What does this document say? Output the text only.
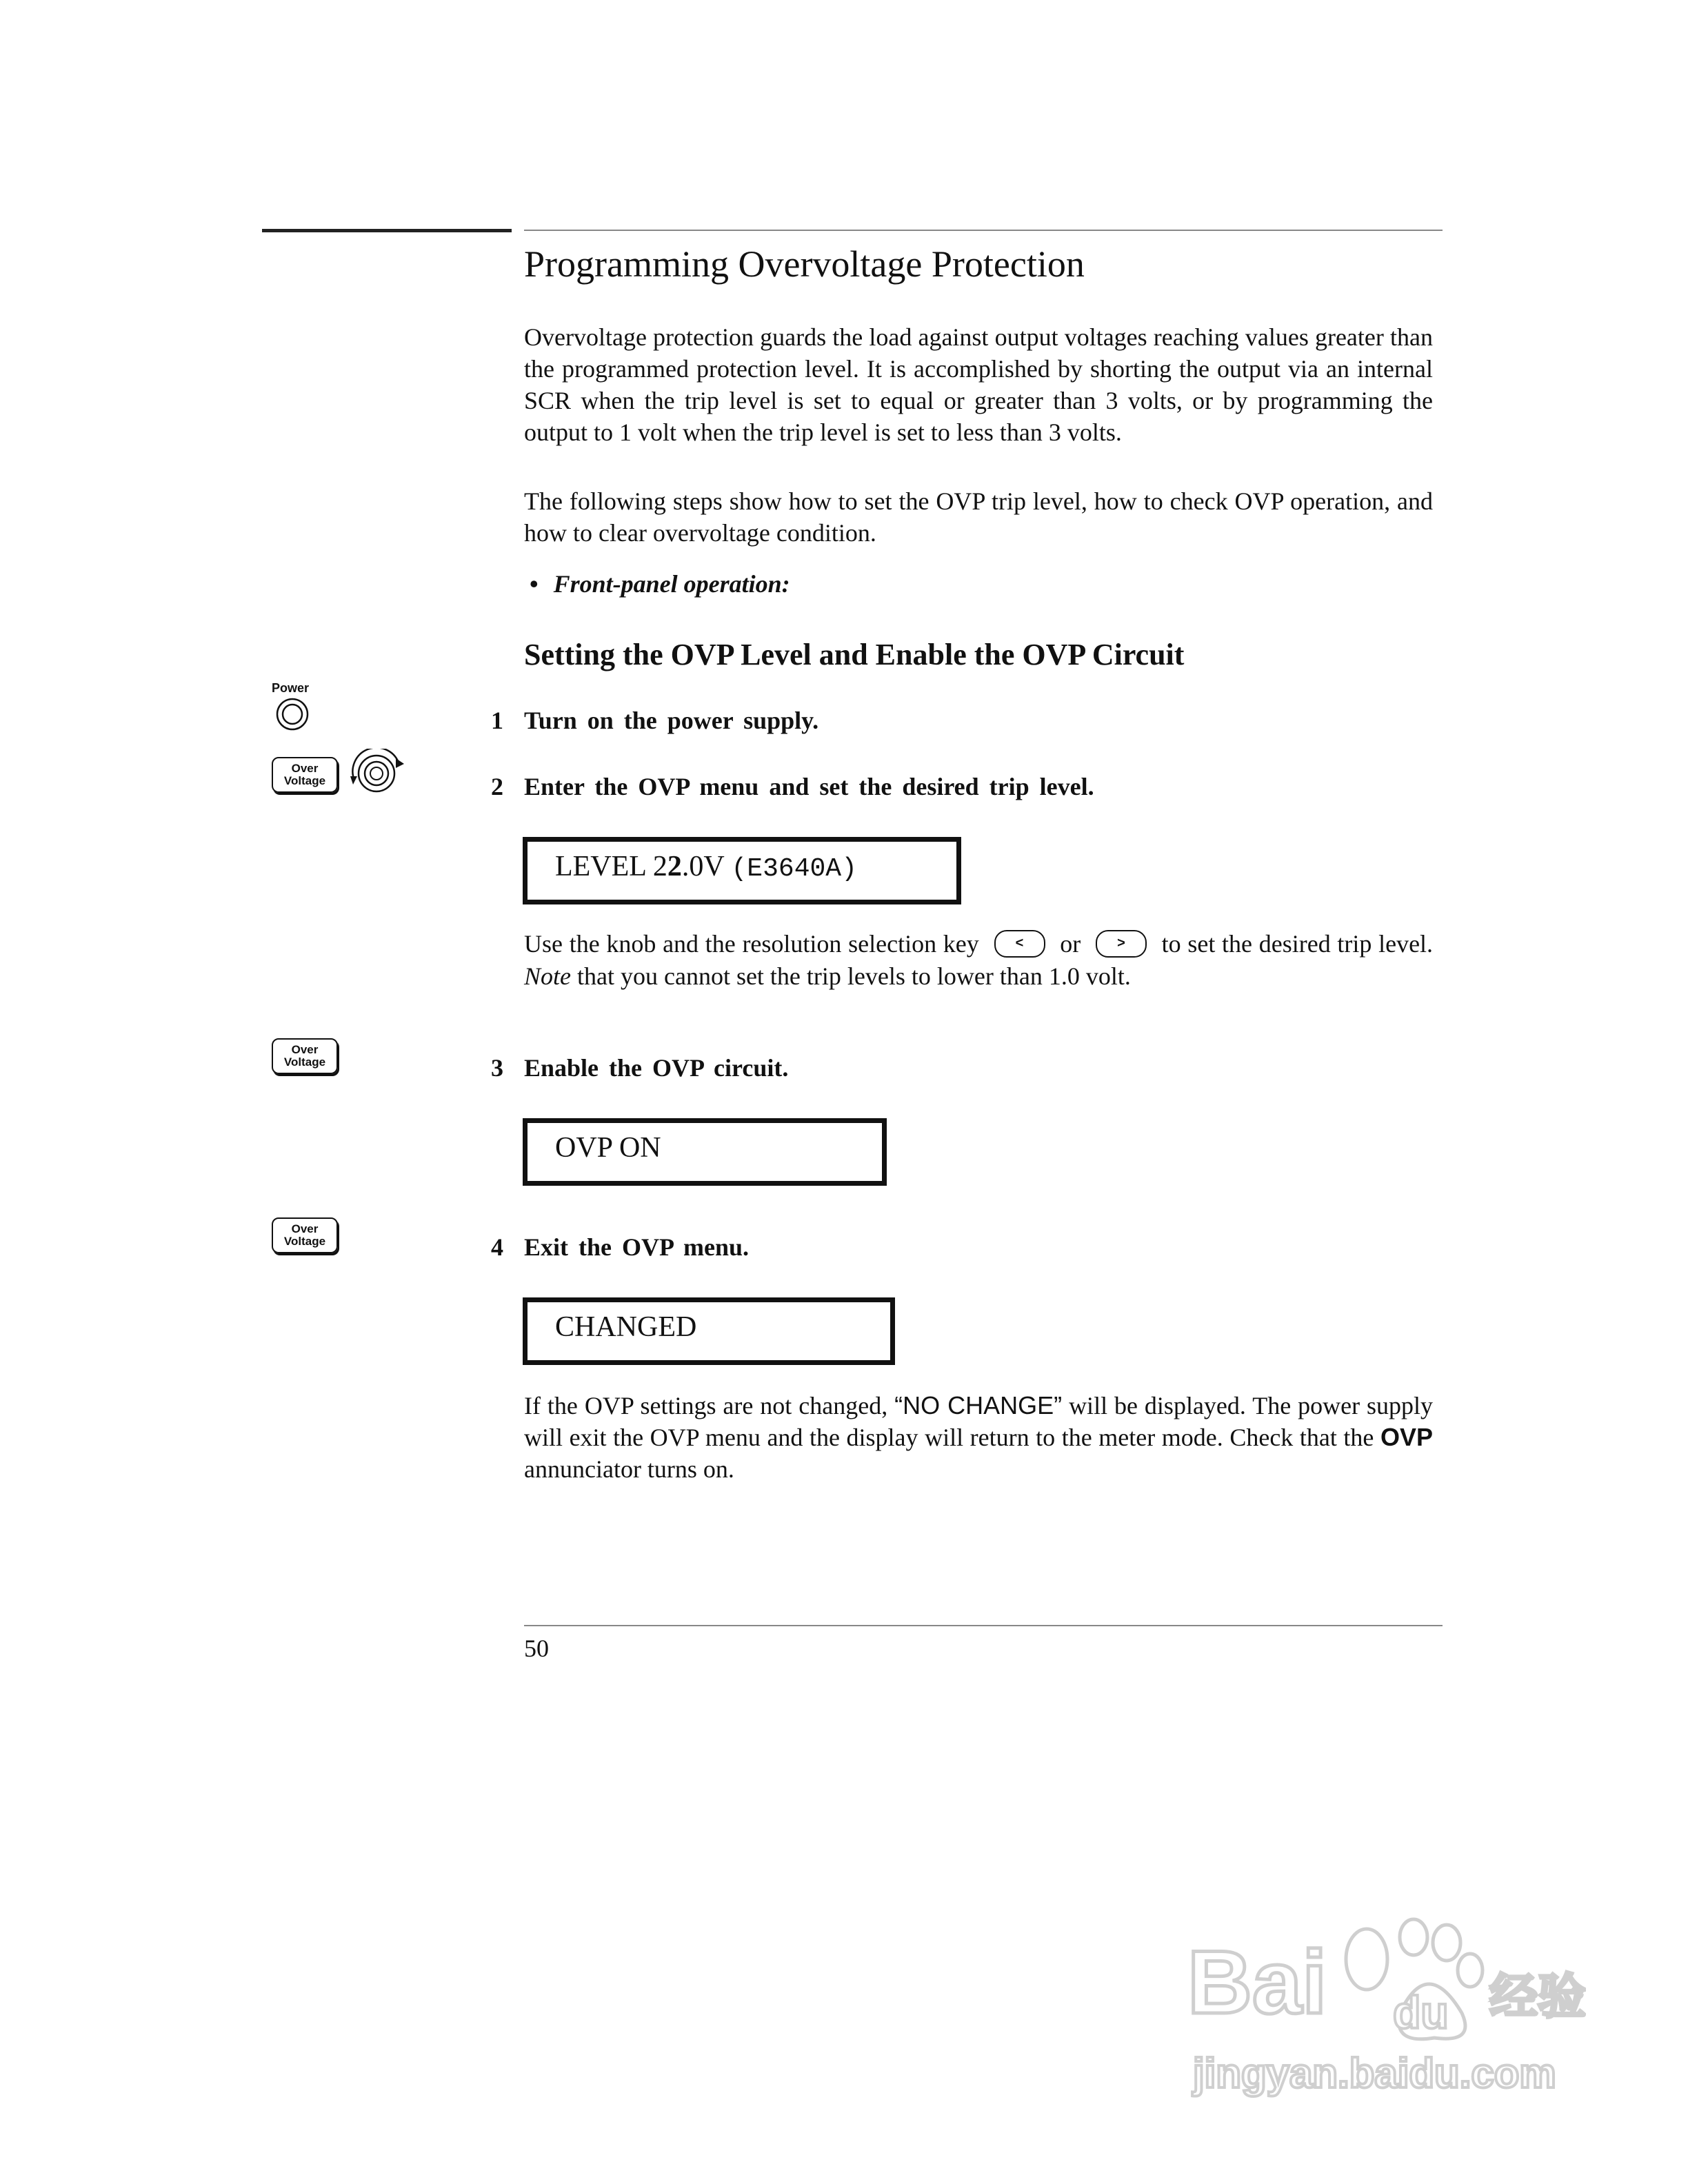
Programming Overvoltage Protection

Overvoltage protection guards the load against output voltages reaching values greater than the programmed protection level. It is accomplished by shorting the output via an internal SCR when the trip level is set to equal or greater than 3 volts, or by programming the output to 1 volt when the trip level is set to less than 3 volts.

The following steps show how to set the OVP trip level, how to check OVP operation, and how to clear overvoltage condition.

• Front-panel operation:
Setting the OVP Level and Enable the OVP Circuit
Power
Over
Voltage
Over
Voltage
Over
Voltage
1 Turn on the power supply.
2 Enter the OVP menu and set the desired trip level.
LEVEL 22.0V (E3640A)

Use the knob and the resolution selection key	< or	> to set the desired trip level. Note that you cannot set the trip levels to lower than 1.0 volt.

3 Enable the OVP circuit.
OVP ON
4 Exit the OVP menu.
CHANGED

If the OVP settings are not changed, “NO CHANGE” will be displayed. The power supply will exit the OVP menu and the display will return to the meter mode. Check that the OVP annunciator turns on.

50
Bai du 经验
jingyan.baidu.com
